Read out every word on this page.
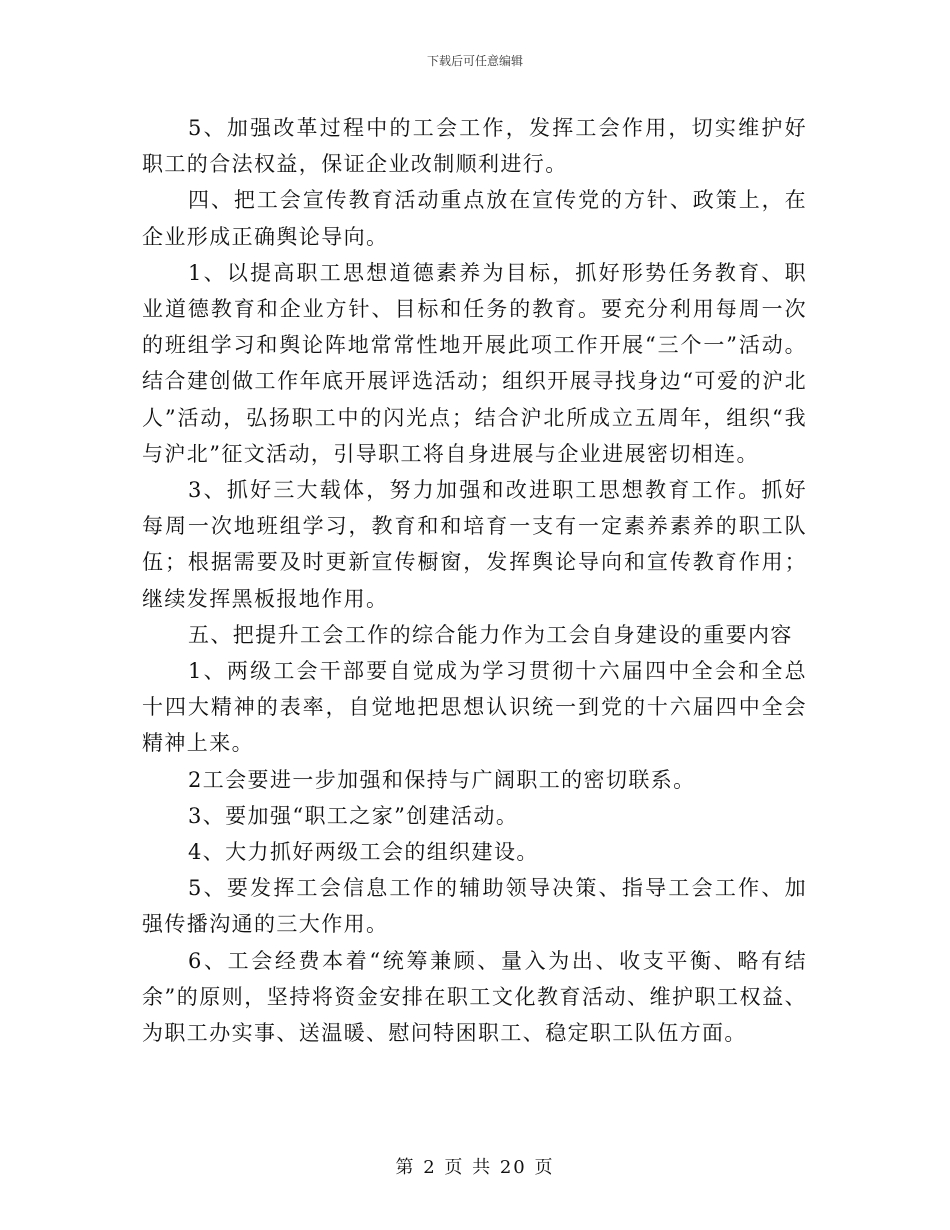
下载后可任意编辑

5、加强改革过程中的工会工作，发挥工会作用，切实维护好职工的合法权益，保证企业改制顺利进行。

四、把工会宣传教育活动重点放在宣传党的方针、政策上，在企业形成正确舆论导向。

1、以提高职工思想道德素养为目标，抓好形势任务教育、职业道德教育和企业方针、目标和任务的教育。要充分利用每周一次的班组学习和舆论阵地常常性地开展此项工作开展“三个一”活动。结合建创做工作年底开展评选活动；组织开展寻找身边“可爱的沪北人”活动，弘扬职工中的闪光点；结合沪北所成立五周年，组织“我与沪北”征文活动，引导职工将自身进展与企业进展密切相连。

3、抓好三大载体，努力加强和改进职工思想教育工作。抓好每周一次地班组学习，教育和和培育一支有一定素养素养的职工队伍；根据需要及时更新宣传橱窗，发挥舆论导向和宣传教育作用；继续发挥黑板报地作用。

五、把提升工会工作的综合能力作为工会自身建设的重要内容

1、两级工会干部要自觉成为学习贯彻十六届四中全会和全总十四大精神的表率，自觉地把思想认识统一到党的十六届四中全会精神上来。

2工会要进一步加强和保持与广阔职工的密切联系。

3、要加强“职工之家”创建活动。

4、大力抓好两级工会的组织建设。

5、要发挥工会信息工作的辅助领导决策、指导工会工作、加强传播沟通的三大作用。

6、工会经费本着“统筹兼顾、量入为出、收支平衡、略有结余”的原则，坚持将资金安排在职工文化教育活动、维护职工权益、为职工办实事、送温暖、慰问特困职工、稳定职工队伍方面。

第 2 页 共 20 页
